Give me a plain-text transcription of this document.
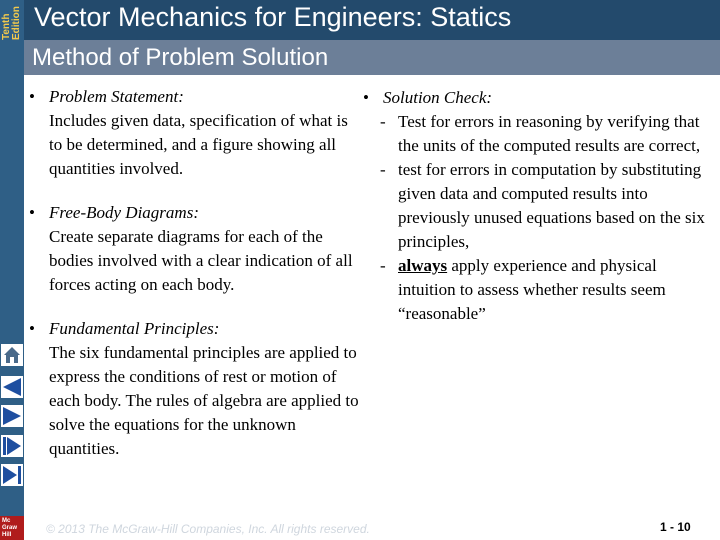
Tenth Edition Vector Mechanics for Engineers: Statics
Method of Problem Solution
Mc
Graw
Hill
• Problem Statement:
Includes given data, specification of what is to be determined, and a figure showing all quantities involved.
• Free-Body Diagrams:
Create separate diagrams for each of the bodies involved with a clear indication of all forces acting on each body.
• Fundamental Principles:
The six fundamental principles are applied to express the conditions of rest or motion of each body. The rules of algebra are applied to solve the equations for the unknown quantities.
• Solution Check:
- Test for errors in reasoning by verifying that the units of the computed results are correct,
- test for errors in computation by substituting given data and computed results into previously unused equations based on the six principles,
- always apply experience and physical intuition to assess whether results seem “reasonable”
© 2013 The McGraw-Hill Companies, Inc. All rights reserved.	1 - 10
